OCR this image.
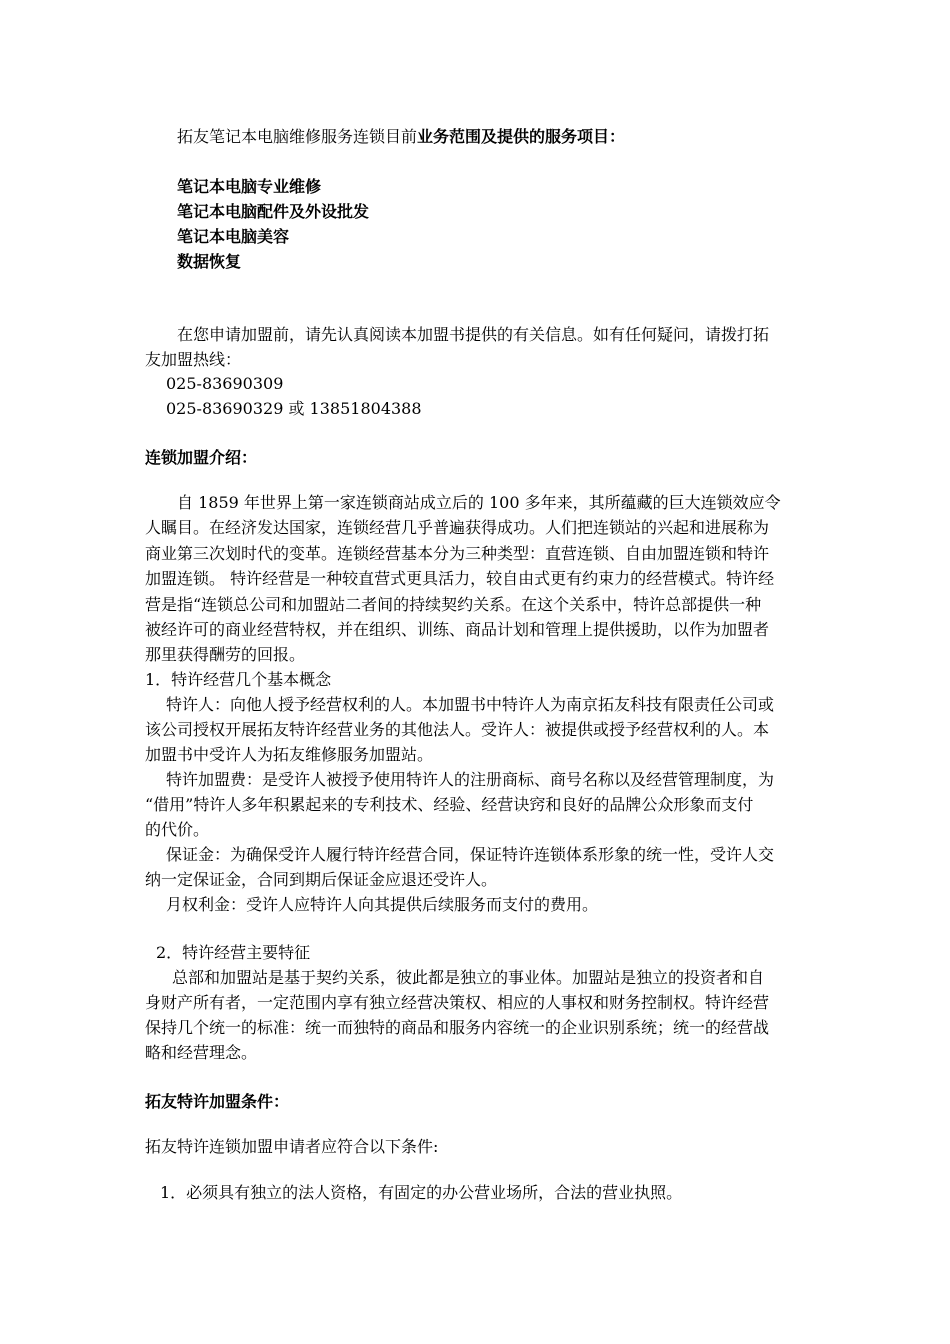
拓友笔记本电脑维修服务连锁目前业务范围及提供的服务项目：
笔记本电脑专业维修
笔记本电脑配件及外设批发
笔记本电脑美容
数据恢复
在您申请加盟前，请先认真阅读本加盟书提供的有关信息。如有任何疑问，请拨打拓
友加盟热线：
025-83690309
025-83690329 或 13851804388
连锁加盟介绍：
自 1859 年世界上第一家连锁商站成立后的 100 多年来，其所蕴藏的巨大连锁效应令
人瞩目。在经济发达国家，连锁经营几乎普遍获得成功。人们把连锁站的兴起和进展称为
商业第三次划时代的变革。连锁经营基本分为三种类型：直营连锁、自由加盟连锁和特许
加盟连锁。 特许经营是一种较直营式更具活力，较自由式更有约束力的经营模式。特许经
营是指“连锁总公司和加盟站二者间的持续契约关系。在这个关系中，特许总部提供一种
被经许可的商业经营特权，并在组织、训练、商品计划和管理上提供援助，以作为加盟者
那里获得酬劳的回报。
1．特许经营几个基本概念
特许人：向他人授予经营权利的人。本加盟书中特许人为南京拓友科技有限责任公司或
该公司授权开展拓友特许经营业务的其他法人。受许人：被提供或授予经营权利的人。本
加盟书中受许人为拓友维修服务加盟站。
特许加盟费：是受许人被授予使用特许人的注册商标、商号名称以及经营管理制度，为
“借用”特许人多年积累起来的专利技术、经验、经营诀窍和良好的品牌公众形象而支付
的代价。
保证金：为确保受许人履行特许经营合同，保证特许连锁体系形象的统一性，受许人交
纳一定保证金，合同到期后保证金应退还受许人。
月权利金：受许人应特许人向其提供后续服务而支付的费用。
2．特许经营主要特征
总部和加盟站是基于契约关系，彼此都是独立的事业体。加盟站是独立的投资者和自
身财产所有者，一定范围内享有独立经营决策权、相应的人事权和财务控制权。特许经营
保持几个统一的标准：统一而独特的商品和服务内容统一的企业识别系统；统一的经营战
略和经营理念。
拓友特许加盟条件：
拓友特许连锁加盟申请者应符合以下条件:
1．必须具有独立的法人资格，有固定的办公营业场所，合法的营业执照。
